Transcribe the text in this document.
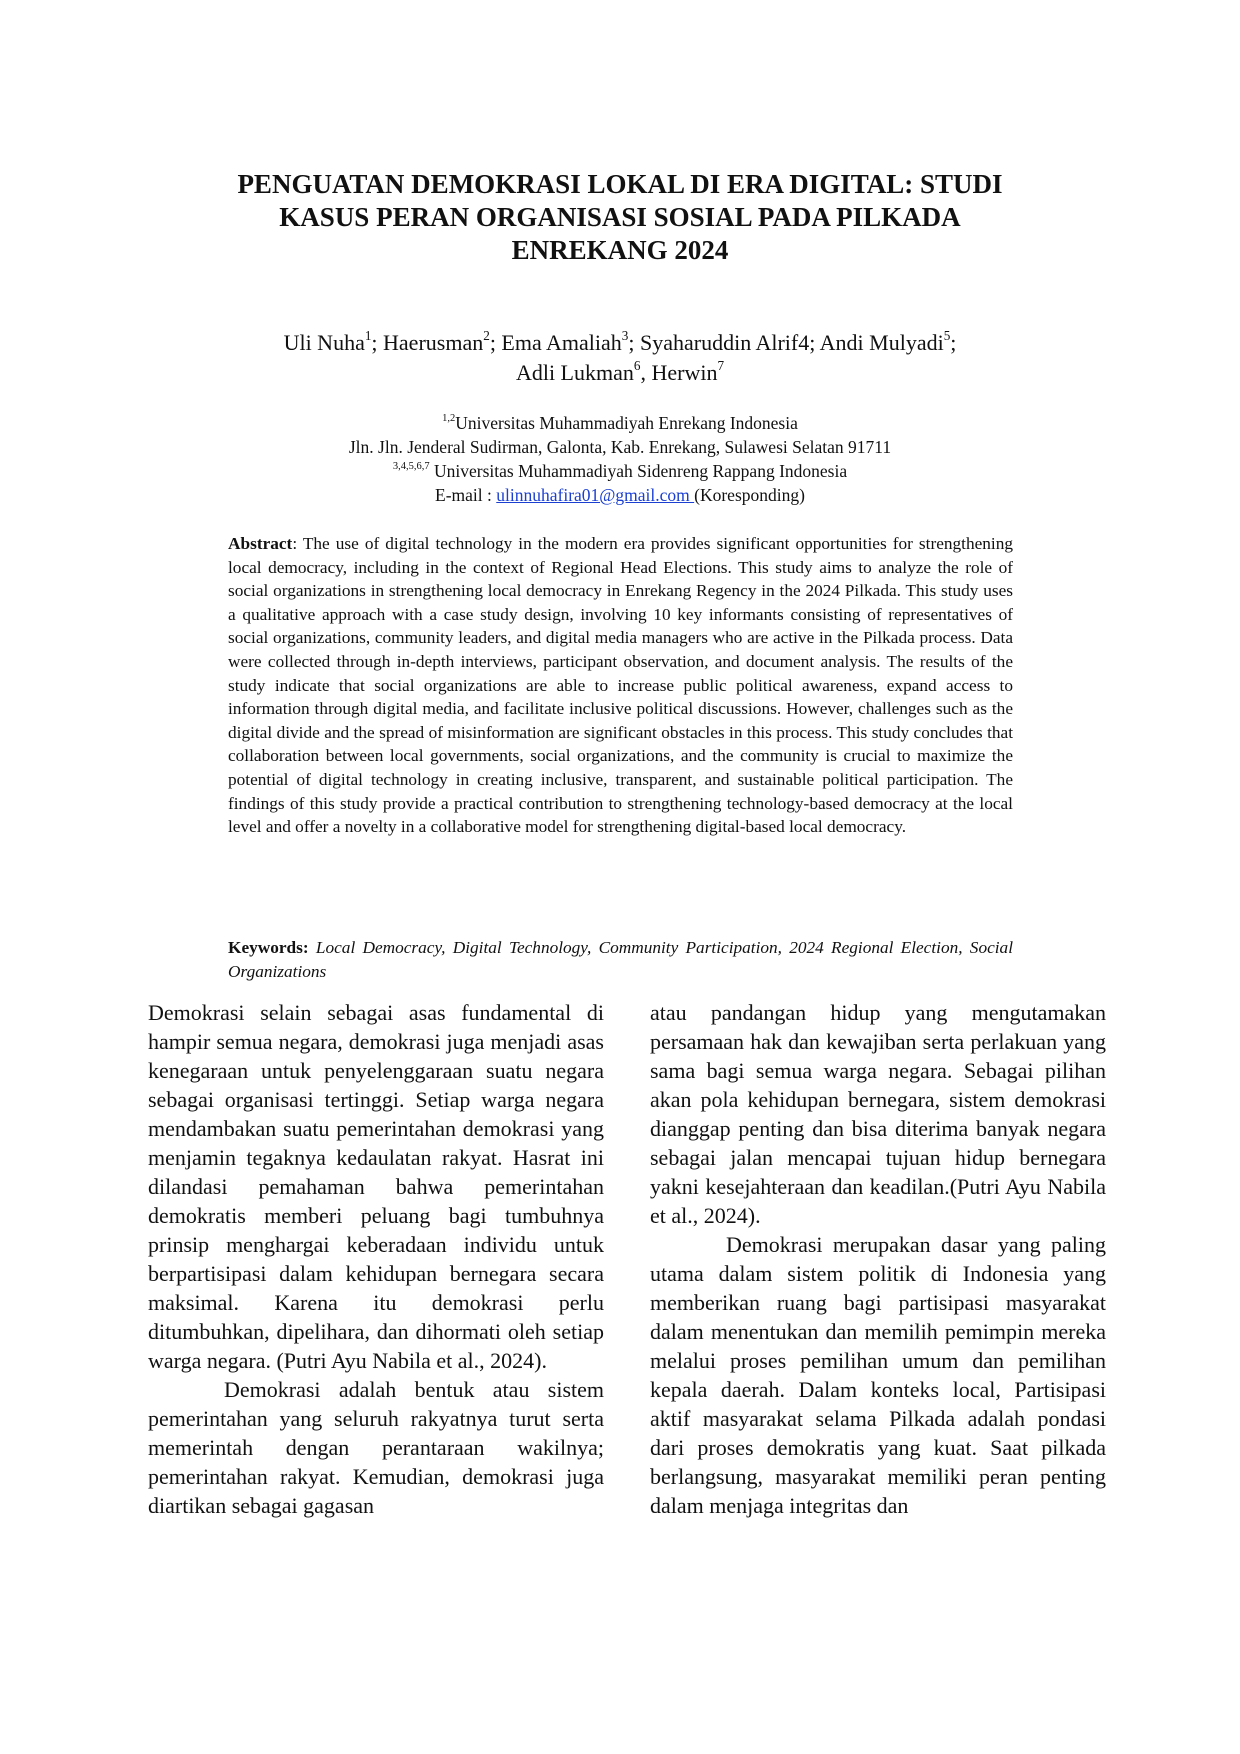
PENGUATAN DEMOKRASI LOKAL DI ERA DIGITAL: STUDI
KASUS PERAN ORGANISASI SOSIAL PADA PILKADA
ENREKANG 2024
Uli Nuha$^1$; Haerusman$^2$; Ema Amaliah$^3$; Syaharuddin Alrif4; Andi Mulyadi$^5$;
Adli Lukman$^6$, Herwin$^7$
$^{1,2}$Universitas Muhammadiyah Enrekang Indonesia
Jln. Jln. Jenderal Sudirman, Galonta, Kab. Enrekang, Sulawesi Selatan 91711
$^{3,4,5,6,7}$ Universitas Muhammadiyah Sidenreng Rappang Indonesia
E-mail : ulinnuhafira01@gmail.com (Koresponding)
Abstract: The use of digital technology in the modern era provides significant opportunities for strengthening local democracy, including in the context of Regional Head Elections. This study aims to analyze the role of social organizations in strengthening local democracy in Enrekang Regency in the 2024 Pilkada. This study uses a qualitative approach with a case study design, involving 10 key informants consisting of representatives of social organizations, community leaders, and digital media managers who are active in the Pilkada process. Data were collected through in-depth interviews, participant observation, and document analysis. The results of the study indicate that social organizations are able to increase public political awareness, expand access to information through digital media, and facilitate inclusive political discussions. However, challenges such as the digital divide and the spread of misinformation are significant obstacles in this process. This study concludes that collaboration between local governments, social organizations, and the community is crucial to maximize the potential of digital technology in creating inclusive, transparent, and sustainable political participation. The findings of this study provide a practical contribution to strengthening technology-based democracy at the local level and offer a novelty in a collaborative model for strengthening digital-based local democracy.
Keywords: Local Democracy, Digital Technology, Community Participation, 2024 Regional Election, Social Organizations

Demokrasi selain sebagai asas fundamental di hampir semua negara, demokrasi juga menjadi asas kenegaraan untuk penyelenggaraan suatu negara sebagai organisasi tertinggi. Setiap warga negara mendambakan suatu pemerintahan demokrasi yang menjamin tegaknya kedaulatan rakyat. Hasrat ini dilandasi pemahaman bahwa pemerintahan demokratis memberi peluang bagi tumbuhnya prinsip menghargai keberadaan individu untuk berpartisipasi dalam kehidupan bernegara secara maksimal. Karena itu demokrasi perlu ditumbuhkan, dipelihara, dan dihormati oleh setiap warga negara. (Putri Ayu Nabila et al., 2024).

Demokrasi adalah bentuk atau sistem pemerintahan yang seluruh rakyatnya turut serta memerintah dengan perantaraan wakilnya; pemerintahan rakyat. Kemudian, demokrasi juga diartikan sebagai gagasan

atau pandangan hidup yang mengutamakan persamaan hak dan kewajiban serta perlakuan yang sama bagi semua warga negara. Sebagai pilihan akan pola kehidupan bernegara, sistem demokrasi dianggap penting dan bisa diterima banyak negara sebagai jalan mencapai tujuan hidup bernegara yakni kesejahteraan dan keadilan.(Putri Ayu Nabila et al., 2024).

Demokrasi merupakan dasar yang paling utama dalam sistem politik di Indonesia yang memberikan ruang bagi partisipasi masyarakat dalam menentukan dan memilih pemimpin mereka melalui proses pemilihan umum dan pemilihan kepala daerah. Dalam konteks local, Partisipasi aktif masyarakat selama Pilkada adalah pondasi dari proses demokratis yang kuat. Saat pilkada berlangsung, masyarakat memiliki peran penting dalam menjaga integritas dan
